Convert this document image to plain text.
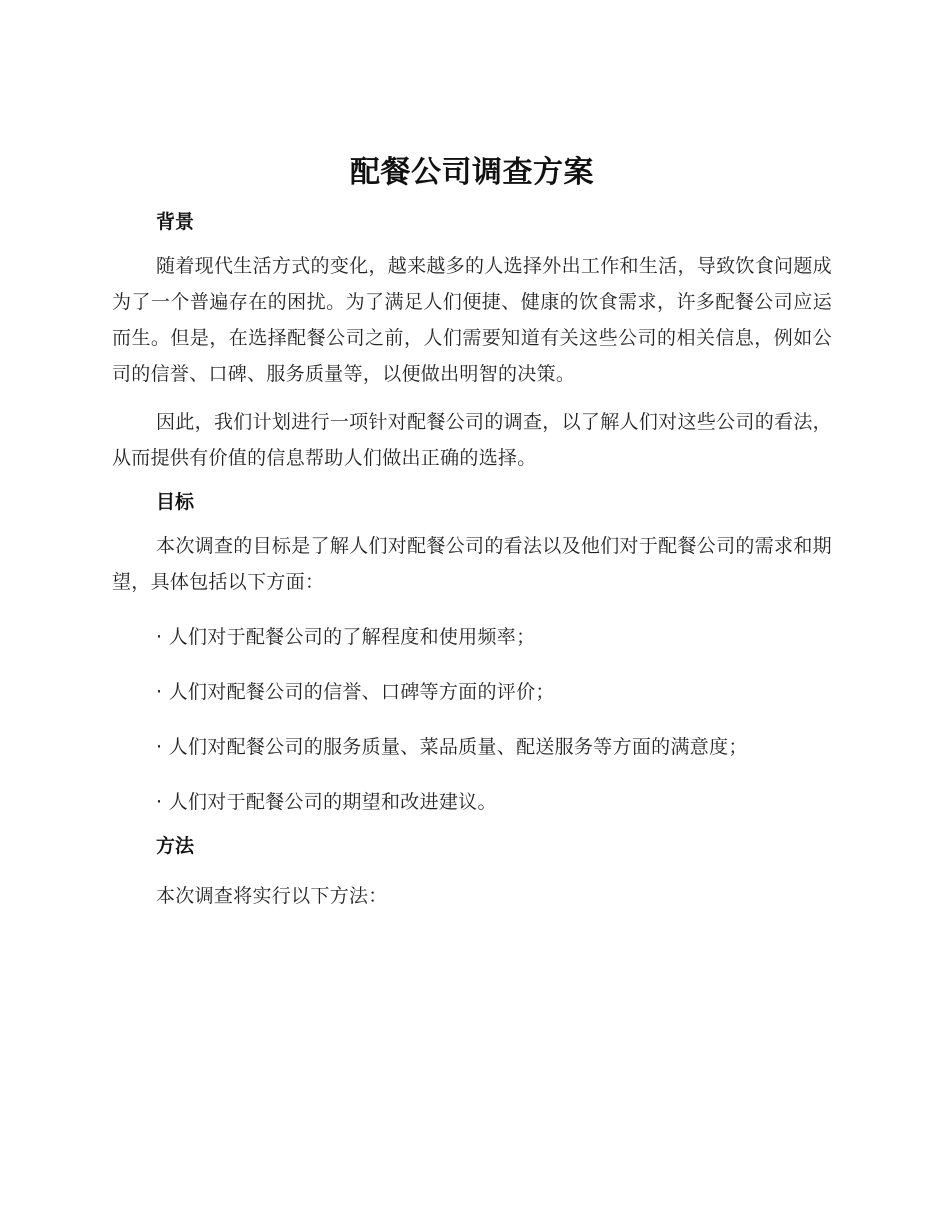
配餐公司调查方案
背景

随着现代生活方式的变化，越来越多的人选择外出工作和生活，导致饮食问题成为了一个普遍存在的困扰。为了满足人们便捷、健康的饮食需求，许多配餐公司应运而生。但是，在选择配餐公司之前，人们需要知道有关这些公司的相关信息，例如公司的信誉、口碑、服务质量等，以便做出明智的决策。

因此，我们计划进行一项针对配餐公司的调查，以了解人们对这些公司的看法，从而提供有价值的信息帮助人们做出正确的选择。

目标

本次调查的目标是了解人们对配餐公司的看法以及他们对于配餐公司的需求和期望，具体包括以下方面：

· 人们对于配餐公司的了解程度和使用频率；

· 人们对配餐公司的信誉、口碑等方面的评价；

· 人们对配餐公司的服务质量、菜品质量、配送服务等方面的满意度；

· 人们对于配餐公司的期望和改进建议。

方法

本次调查将实行以下方法：
